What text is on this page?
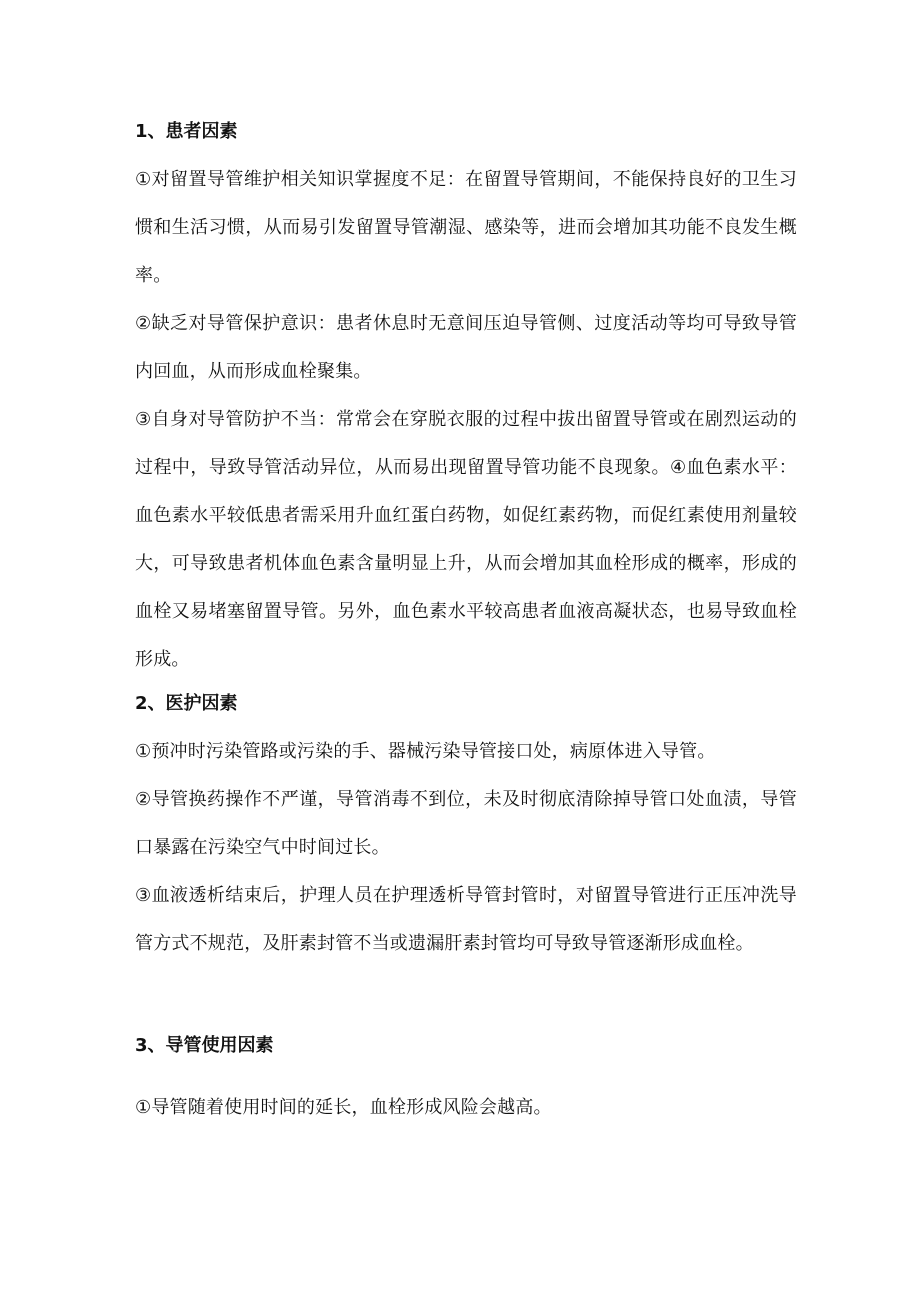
1、患者因素

①对留置导管维护相关知识掌握度不足：在留置导管期间，不能保持良好的卫生习惯和生活习惯，从而易引发留置导管潮湿、感染等，进而会增加其功能不良发生概率。

②缺乏对导管保护意识：患者休息时无意间压迫导管侧、过度活动等均可导致导管内回血，从而形成血栓聚集。

③自身对导管防护不当：常常会在穿脱衣服的过程中拔出留置导管或在剧烈运动的过程中，导致导管活动异位，从而易出现留置导管功能不良现象。④血色素水平：血色素水平较低患者需采用升血红蛋白药物，如促红素药物，而促红素使用剂量较大，可导致患者机体血色素含量明显上升，从而会增加其血栓形成的概率，形成的血栓又易堵塞留置导管。另外，血色素水平较高患者血液高凝状态，也易导致血栓形成。

2、医护因素

①预冲时污染管路或污染的手、器械污染导管接口处，病原体进入导管。

②导管换药操作不严谨，导管消毒不到位，未及时彻底清除掉导管口处血渍，导管口暴露在污染空气中时间过长。

③血液透析结束后，护理人员在护理透析导管封管时，对留置导管进行正压冲洗导管方式不规范，及肝素封管不当或遗漏肝素封管均可导致导管逐渐形成血栓。

3、导管使用因素

①导管随着使用时间的延长，血栓形成风险会越高。
